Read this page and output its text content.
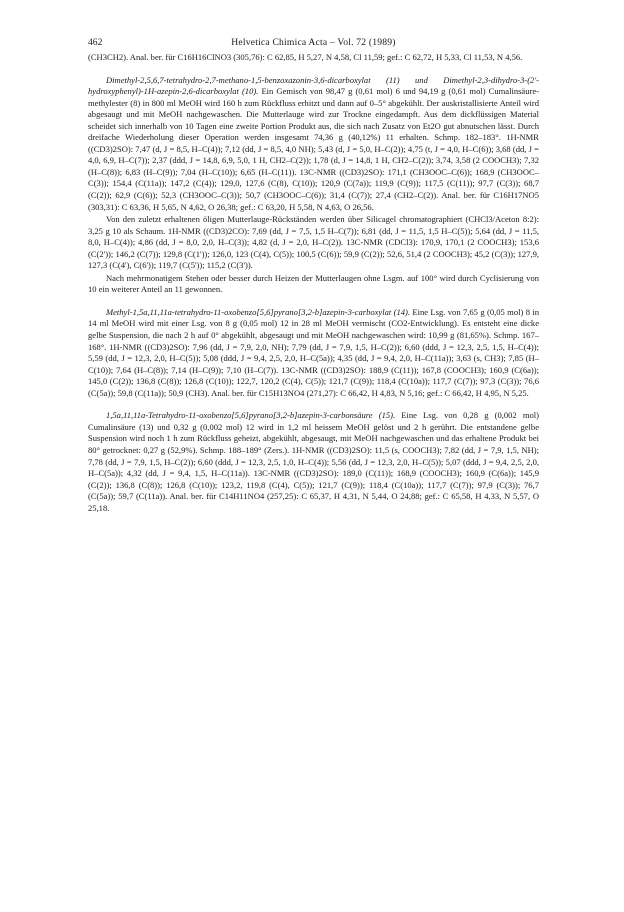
462	Helvetica Chimica Acta – Vol. 72 (1989)

(CH3CH2). Anal. ber. für C16H16ClNO3 (305,76): C 62,85, H 5,27, N 4,58, Cl 11,59; gef.: C 62,72, H 5,33, Cl 11,53, N 4,56.

Dimethyl-2,5,6,7-tetrahydro-2,7-methano-1,5-benzoxazonin-3,6-dicarboxylat (11) und Dimethyl-2,3-dihydro-3-(2'-hydroxyphenyl)-1H-azepin-2,6-dicarboxylat (10). Ein Gemisch von 98,47 g (0,61 mol) 6 und 94,19 g (0,61 mol) Cumalinsäure-methylester (8) in 800 ml MeOH wird 160 h zum Rückfluss erhitzt und dann auf 0–5° abgekühlt. Der auskristallisierte Anteil wird abgesaugt und mit MeOH nachgewaschen. Die Mutterlauge wird zur Trockne eingedampft. Aus dem dickflüssigen Material scheidet sich innerhalb von 10 Tagen eine zweite Portion Produkt aus, die sich nach Zusatz von Et2O gut abnutschen lässt. Durch dreifache Wiederholung dieser Operation werden insgesamt 74,36 g (40,12%) 11 erhalten. Schmp. 182–183°. 1H-NMR ((CD3)2SO): 7,47 (d, J = 8,5, H–C(4)); 7,12 (dd, J = 8,5, 4,0 NH); 5,43 (d, J = 5,0, H–C(2)); 4,75 (t, J = 4,0, H–C(6)); 3,68 (dd, J = 4,0, 6,9, H–C(7)); 2,37 (ddd, J = 14,8, 6,9, 5,0, 1 H, CH2–C(2)); 1,78 (d, J = 14,8, 1 H, CH2–C(2)); 3,74, 3,58 (2 COOCH3); 7,32 (H–C(8)); 6,83 (H–C(9)); 7,04 (H–C(10)); 6,65 (H–C(11)). 13C-NMR ((CD3)2SO): 171,1 (CH3OOC–C(6)); 168,9 (CH3OOC–C(3)); 154,4 (C(11a)); 147,2 (C(4)); 129,0, 127,6 (C(8), C(10)); 120,9 (C(7a)); 119,9 (C(9)); 117,5 (C(11)); 97,7 (C(3)); 68,7 (C(2)); 62,9 (C(6)); 52,3 (CH3OOC–C(3)); 50,7 (CH3OOC–C(6)); 31,4 (C(7)); 27,4 (CH2–C(2)). Anal. ber. für C16H17NO5 (303,31): C 63,36, H 5,65, N 4,62, O 26,38; gef.: C 63,20, H 5,58, N 4,63, O 26,56.

Von den zuletzt erhaltenen öligen Mutterlauge-Rückständen werden über Silicagel chromatographiert (CHCl3/Aceton 8:2): 3,25 g 10 als Schaum. 1H-NMR ((CD3)2CO): 7,69 (dd, J = 7,5, 1,5 H–C(7)); 6,81 (dd, J = 11,5, 1,5 H–C(5)); 5,64 (dd, J = 11,5, 8,0, H–C(4)); 4,86 (dd, J = 8,0, 2,0, H–C(3)); 4,82 (d, J = 2,0, H–C(2)). 13C-NMR (CDCl3): 170,9, 170,1 (2 COOCH3); 153,6 (C(2')); 146,2 (C(7)); 129,8 (C(1')); 126,0, 123 (C(4), C(5)); 100,5 (C(6)); 59,9 (C(2)); 52,6, 51,4 (2 COOCH3); 45,2 (C(3)); 127,9, 127,3 (C(4'), C(6')); 119,7 (C(5')); 115,2 (C(3')).

Nach mehrmonatigem Stehen oder besser durch Heizen der Mutterlaugen ohne Lsgm. auf 100° wird durch Cyclisierung von 10 ein weiterer Anteil an 11 gewonnen.

Methyl-1,5a,11,11a-tetrahydro-11-oxobenzo[5,6]pyrano[3,2-b]azepin-3-carboxylat (14). Eine Lsg. von 7,65 g (0,05 mol) 8 in 14 ml MeOH wird mit einer Lsg. von 8 g (0,05 mol) 12 in 28 ml MeOH vermischt (CO2-Entwicklung). Es entsteht eine dicke gelbe Suspension, die nach 2 h auf 0° abgekühlt, abgesaugt und mit MeOH nachgewaschen wird: 10,99 g (81,65%). Schmp. 167–168°. 1H-NMR ((CD3)2SO): 7,96 (dd, J = 7,9, 2,0, NH); 7,79 (dd, J = 7,9, 1,5, H–C(2)); 6,60 (ddd, J = 12,3, 2,5, 1,5, H–C(4)); 5,59 (dd, J = 12,3, 2,0, H–C(5)); 5,08 (ddd, J = 9,4, 2,5, 2,0, H–C(5a)); 4,35 (dd, J = 9,4, 2,0, H–C(11a)); 3,63 (s, CH3); 7,85 (H–C(10)); 7,64 (H–C(8)); 7,14 (H–C(9)); 7,10 (H–C(7)). 13C-NMR ((CD3)2SO): 188,9 (C(11)); 167,8 (COOCH3); 160,9 (C(6a)); 145,0 (C(2)); 136,8 (C(8)); 126,8 (C(10)); 122,7, 120,2 (C(4), C(5)); 121,7 (C(9)); 118,4 (C(10a)); 117,7 (C(7)); 97,3 (C(3)); 76,6 (C(5a)); 59,8 (C(11a)); 50,9 (CH3). Anal. ber. für C15H13NO4 (271,27): C 66,42, H 4,83, N 5,16; gef.: C 66,42, H 4,95, N 5,25.

1,5a,11,11a-Tetrahydro-11-oxobenzo[5,6]pyrano[3,2-b]azepin-3-carbonsäure (15). Eine Lsg. von 0,28 g (0,002 mol) Cumalinsäure (13) und 0,32 g (0,002 mol) 12 wird in 1,2 ml heissem MeOH gelöst und 2 h gerührt. Die entstandene gelbe Suspension wird noch 1 h zum Rückfluss geheizt, abgekühlt, abgesaugt, mit MeOH nachgewaschen und das erhaltene Produkt bei 80° getrocknet: 0,27 g (52,9%). Schmp. 188–189° (Zers.). 1H-NMR ((CD3)2SO): 11,5 (s, COOCH3); 7,82 (dd, J = 7,9, 1,5, NH); 7,78 (dd, J = 7,9, 1,5, H–C(2)); 6,60 (ddd, J = 12,3, 2,5, 1,0, H–C(4)); 5,56 (dd, J = 12,3, 2,0, H–C(5)); 5,07 (ddd, J = 9,4, 2,5, 2,0, H–C(5a)); 4,32 (dd, J = 9,4, 1,5, H–C(11a)). 13C-NMR ((CD3)2SO): 189,0 (C(11)); 168,9 (COOCH3); 160,9 (C(6a)); 145,9 (C(2)); 136,8 (C(8)); 126,8 (C(10)); 123,2, 119,8 (C(4), C(5)); 121,7 (C(9)); 118,4 (C(10a)); 117,7 (C(7)); 97,9 (C(3)); 76,7 (C(5a)); 59,7 (C(11a)). Anal. ber. für C14H11NO4 (257,25): C 65,37, H 4,31, N 5,44, O 24,88; gef.: C 65,58, H 4,33, N 5,57, O 25,18.
